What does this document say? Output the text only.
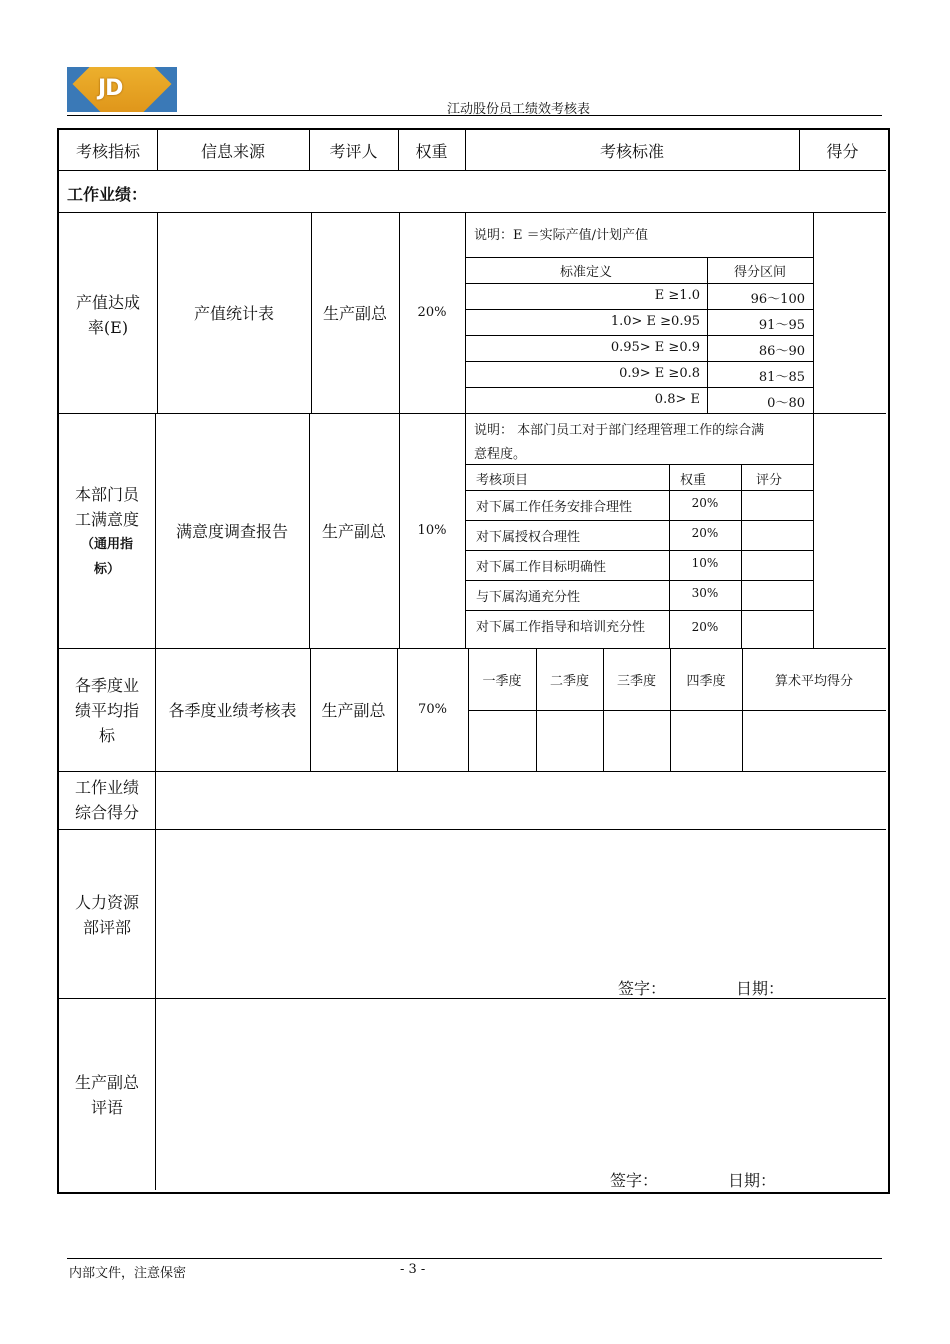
JD
江动股份员工绩效考核表
考核指标	信息来源	考评人	权重	考核标准	得分
工作业绩：
产值达成
率(E)
产值统计表	生产副总	20%
说明：E ＝实际产值/计划产值
标准定义	得分区间
E ≥1.0	96～100
1.0> E ≥0.95	91～95
0.95> E ≥0.9	86～90
0.9> E ≥0.8	81～85
0.8> E	0～80
本部门员
工满意度
（通用指
标）
满意度调查报告	生产副总	10%
说明： 本部门员工对于部门经理管理工作的综合满
意程度。
考核项目	权重	评分
对下属工作任务安排合理性	20%
对下属授权合理性	20%
对下属工作目标明确性	10%
与下属沟通充分性	30%
对下属工作指导和培训充分性	20%
各季度业
绩平均指
标
各季度业绩考核表	生产副总	70%
一季度	二季度	三季度	四季度	算术平均得分
工作业绩
综合得分
人力资源
部评部
签字：	日期：
生产副总
评语
签字：	日期：
内部文件，注意保密	- 3 -
